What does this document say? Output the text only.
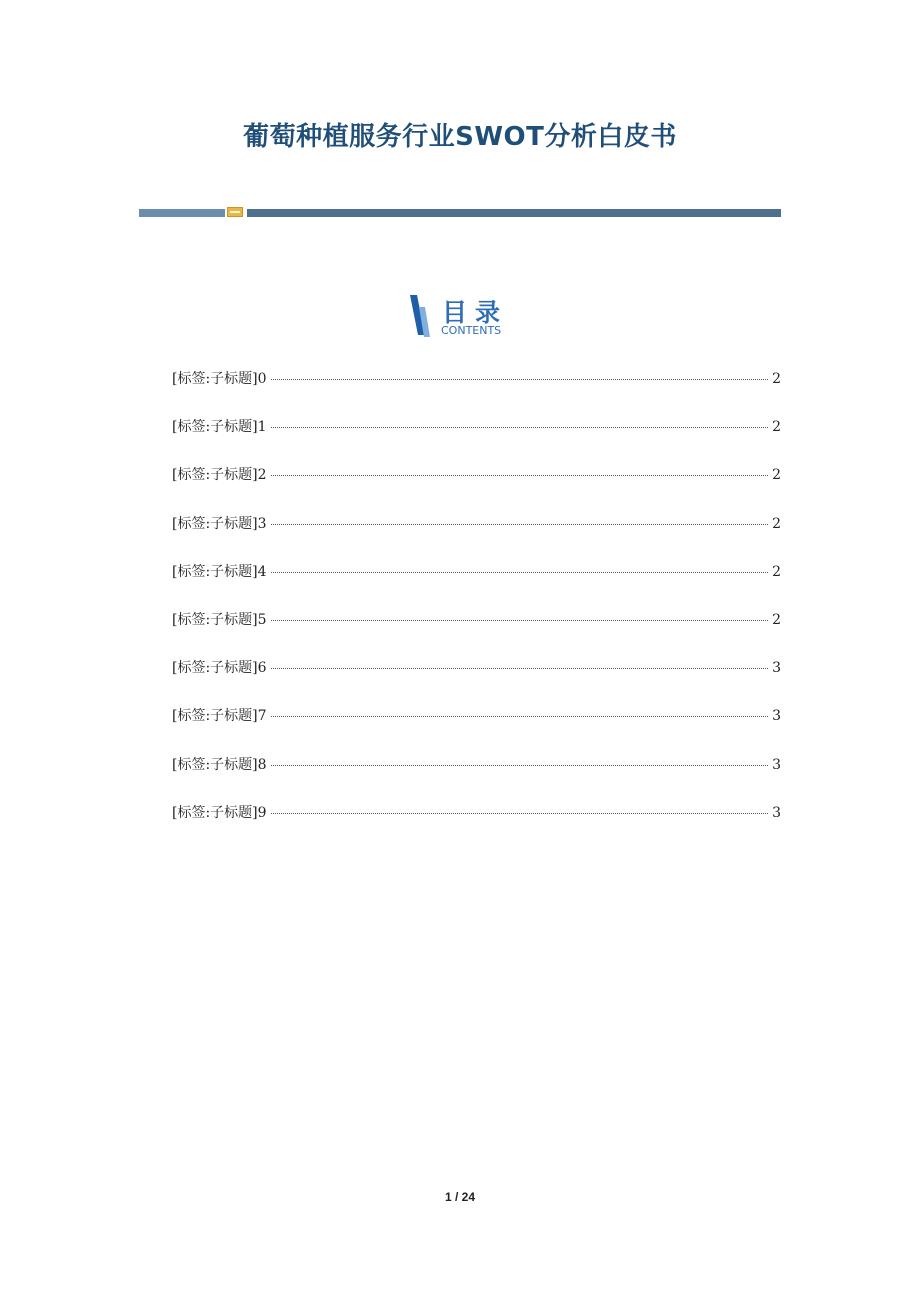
葡萄种植服务行业SWOT分析白皮书
目录
CONTENTS
[标签:子标题]0	2
[标签:子标题]1	2
[标签:子标题]2	2
[标签:子标题]3	2
[标签:子标题]4	2
[标签:子标题]5	2
[标签:子标题]6	3
[标签:子标题]7	3
[标签:子标题]8	3
[标签:子标题]9	3
1 / 24
